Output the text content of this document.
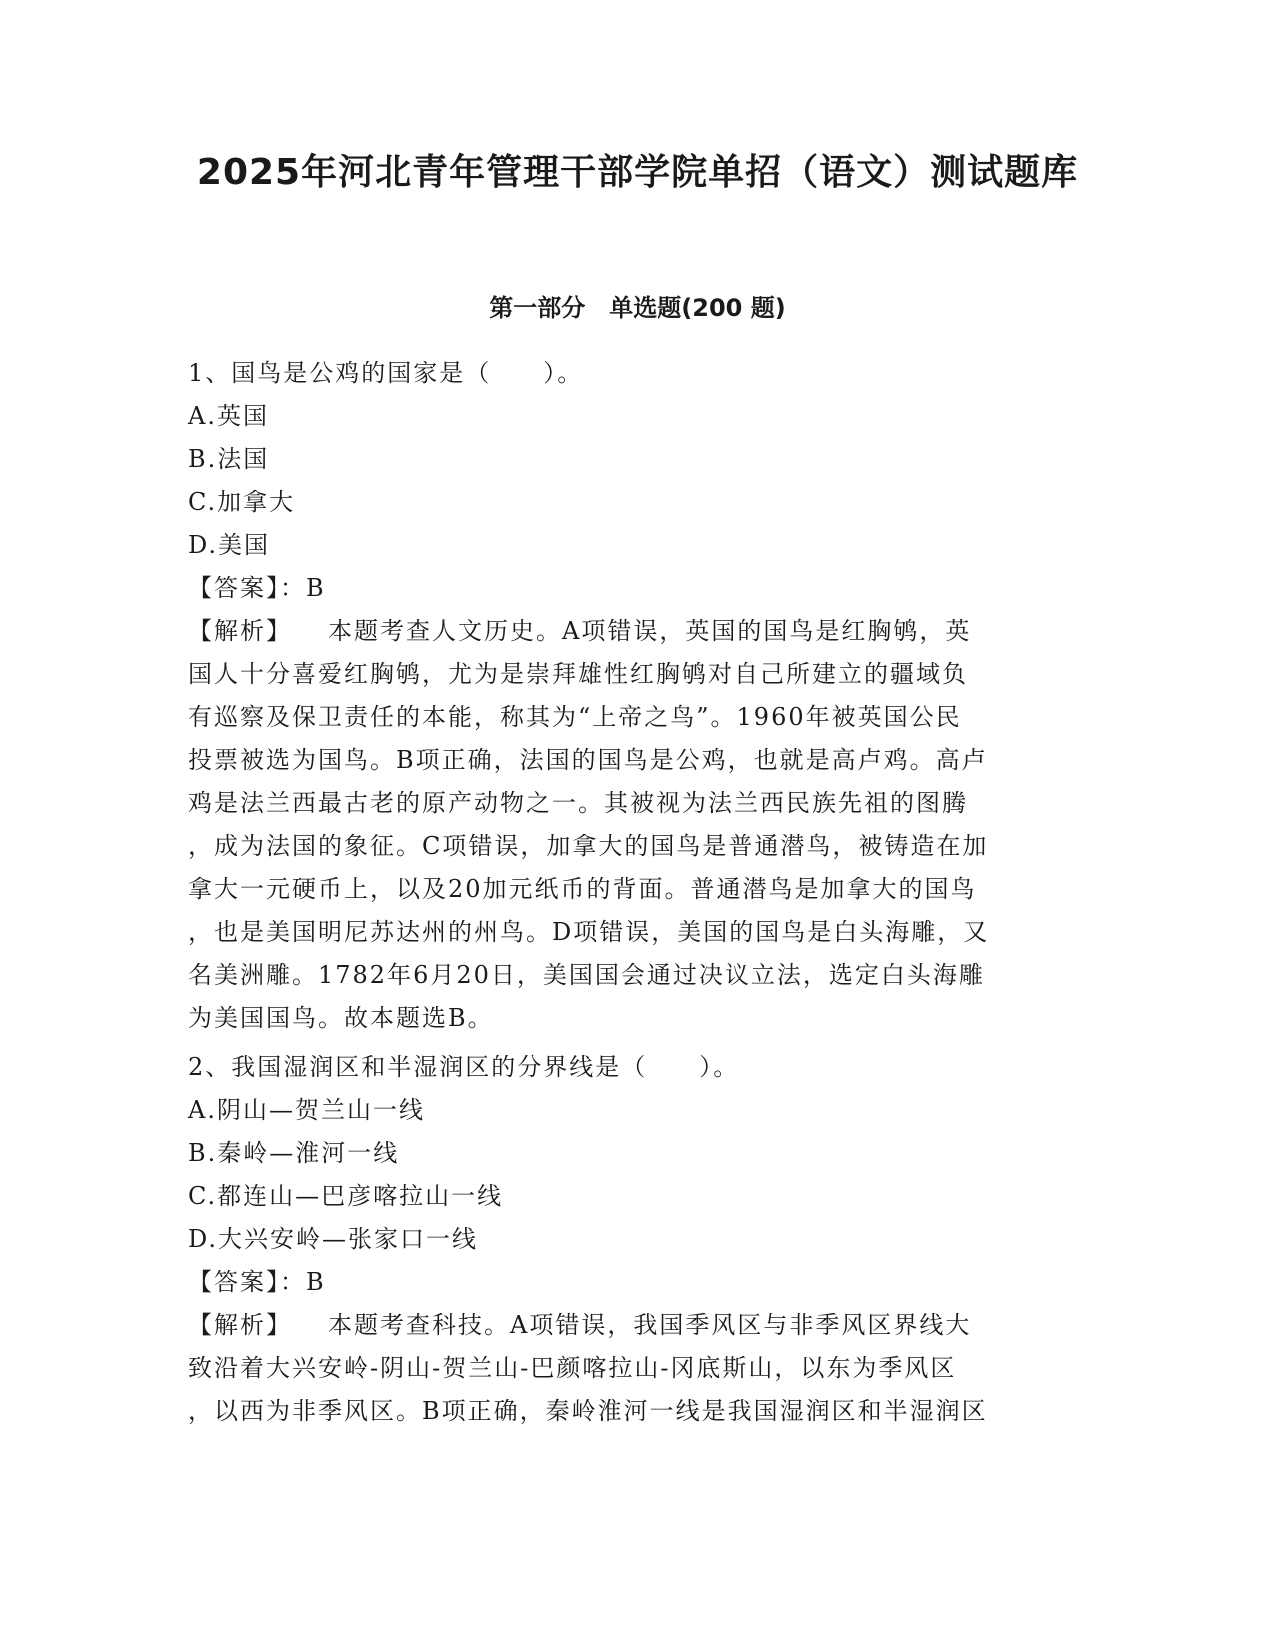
2025年河北青年管理干部学院单招（语文）测试题库
第一部分　单选题(200 题)

1、国鸟是公鸡的国家是（　　）。

A.英国

B.法国

C.加拿大

D.美国

【答案】：B

【解析】 本题考查人文历史。A项错误，英国的国鸟是红胸鸲，英
国人十分喜爱红胸鸲，尤为是崇拜雄性红胸鸲对自己所建立的疆域负
有巡察及保卫责任的本能，称其为“上帝之鸟”。1960年被英国公民
投票被选为国鸟。B项正确，法国的国鸟是公鸡，也就是高卢鸡。高卢
鸡是法兰西最古老的原产动物之一。其被视为法兰西民族先祖的图腾
，成为法国的象征。C项错误，加拿大的国鸟是普通潜鸟，被铸造在加
拿大一元硬币上，以及20加元纸币的背面。普通潜鸟是加拿大的国鸟
，也是美国明尼苏达州的州鸟。D项错误，美国的国鸟是白头海雕，又
名美洲雕。1782年6月20日，美国国会通过决议立法，选定白头海雕
为美国国鸟。故本题选B。

2、我国湿润区和半湿润区的分界线是（　　）。

A.阴山—贺兰山一线

B.秦岭—淮河一线

C.都连山—巴彦喀拉山一线

D.大兴安岭—张家口一线

【答案】：B

【解析】 本题考查科技。A项错误，我国季风区与非季风区界线大
致沿着大兴安岭-阴山-贺兰山-巴颜喀拉山-冈底斯山，以东为季风区
，以西为非季风区。B项正确，秦岭淮河一线是我国湿润区和半湿润区
